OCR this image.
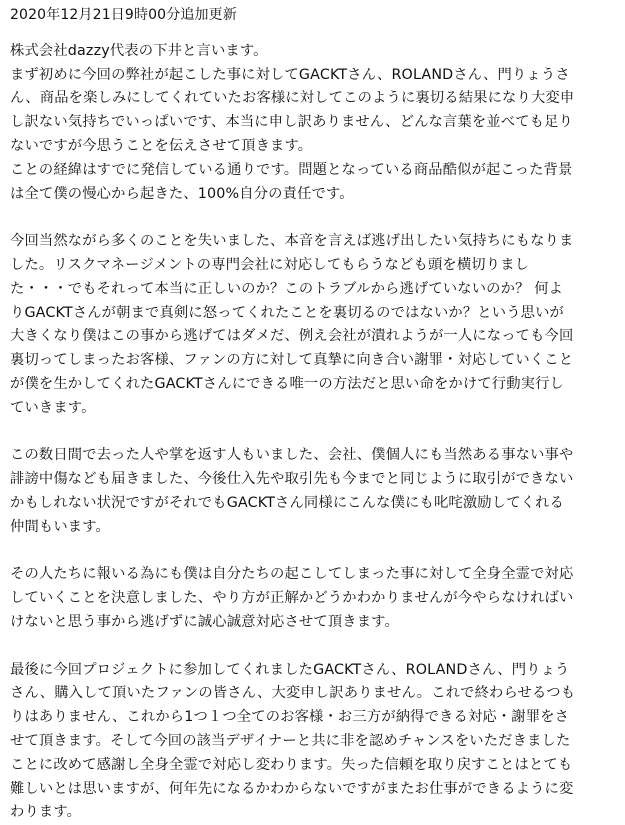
2020年12月21日9時00分追加更新
株式会社dazzy代表の下井と言います。
まず初めに今回の弊社が起こした事に対してGACKTさん、ROLANDさん、門りょうさ
ん、商品を楽しみにしてくれていたお客様に対してこのように裏切る結果になり大変申
し訳ない気持ちでいっぱいです、本当に申し訳ありません、どんな言葉を並べても足り
ないですが今思うことを伝えさせて頂きます。
ことの経緯はすでに発信している通りです。問題となっている商品酷似が起こった背景
は全て僕の慢心から起きた、100%自分の責任です。
今回当然ながら多くのことを失いました、本音を言えば逃げ出したい気持ちにもなりま
した。リスクマネージメントの専門会社に対応してもらうなども頭を横切りまし
た・・・でもそれって本当に正しいのか？このトラブルから逃げていないのか？ 何よ
りGACKTさんが朝まで真剣に怒ってくれたことを裏切るのではないか？という思いが
大きくなり僕はこの事から逃げてはダメだ、例え会社が潰れようが一人になっても今回
裏切ってしまったお客様、ファンの方に対して真摯に向き合い謝罪・対応していくこと
が僕を生かしてくれたGACKTさんにできる唯一の方法だと思い命をかけて行動実行し
ていきます。
この数日間で去った人や掌を返す人もいました、会社、僕個人にも当然ある事ない事や
誹謗中傷なども届きました、今後仕入先や取引先も今までと同じように取引ができない
かもしれない状況ですがそれでもGACKTさん同様にこんな僕にも叱咤激励してくれる
仲間もいます。
その人たちに報いる為にも僕は自分たちの起こしてしまった事に対して全身全霊で対応
していくことを決意しました、やり方が正解かどうかわかりませんが今やらなければい
けないと思う事から逃げずに誠心誠意対応させて頂きます。
最後に今回プロジェクトに参加してくれましたGACKTさん、ROLANDさん、門りょう
さん、購入して頂いたファンの皆さん、大変申し訳ありません。これで終わらせるつも
りはありません、これから1つ１つ全てのお客様・お三方が納得できる対応・謝罪をさ
せて頂きます。そして今回の該当デザイナーと共に非を認めチャンスをいただきました
ことに改めて感謝し全身全霊で対応し変わります。失った信頼を取り戻すことはとても
難しいとは思いますが、何年先になるかわからないですがまたお仕事ができるように変
わります。
